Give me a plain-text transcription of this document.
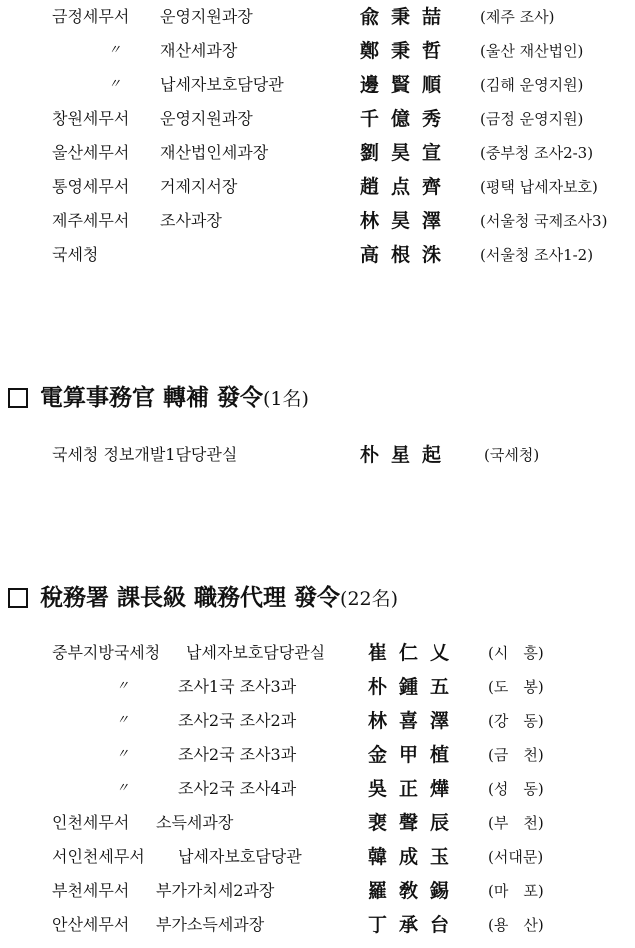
금정세무서 운영지원과장	兪秉喆 (제주 조사)
〃 재산세과장	鄭秉哲 (울산 재산법인)
〃 납세자보호담당관	邊賢順 (김해 운영지원)
창원세무서 운영지원과장	千億秀 (금정 운영지원)
울산세무서 재산법인세과장	劉昊宣 (중부청 조사2-3)
통영세무서 거제지서장	趙点齊 (평택 납세자보호)
제주세무서 조사과장	林昊澤 (서울청 국제조사3)
국세청	高根洙 (서울청 조사1-2)
電算事務官 轉補 發令(1名)
국세청 정보개발1담당관실	朴星起 (국세청)
稅務署 課長級 職務代理 發令(22名)
중부지방국세청 납세자보호담당관실 崔仁乂 (시　흥)
〃	조사1국 조사3과	朴鍾五 (도　봉)
〃	조사2국 조사2과	林喜澤 (강　동)
〃	조사2국 조사3과	金甲植 (금　천)
〃	조사2국 조사4과	吳正燁 (성　동)
인천세무서 소득세과장	裵聲辰 (부　천)
서인천세무서 납세자보호담당관	韓成玉 (서대문)
부천세무서 부가가치세2과장	羅敎錫 (마　포)
안산세무서 부가소득세과장	丁承台 (용　산)
